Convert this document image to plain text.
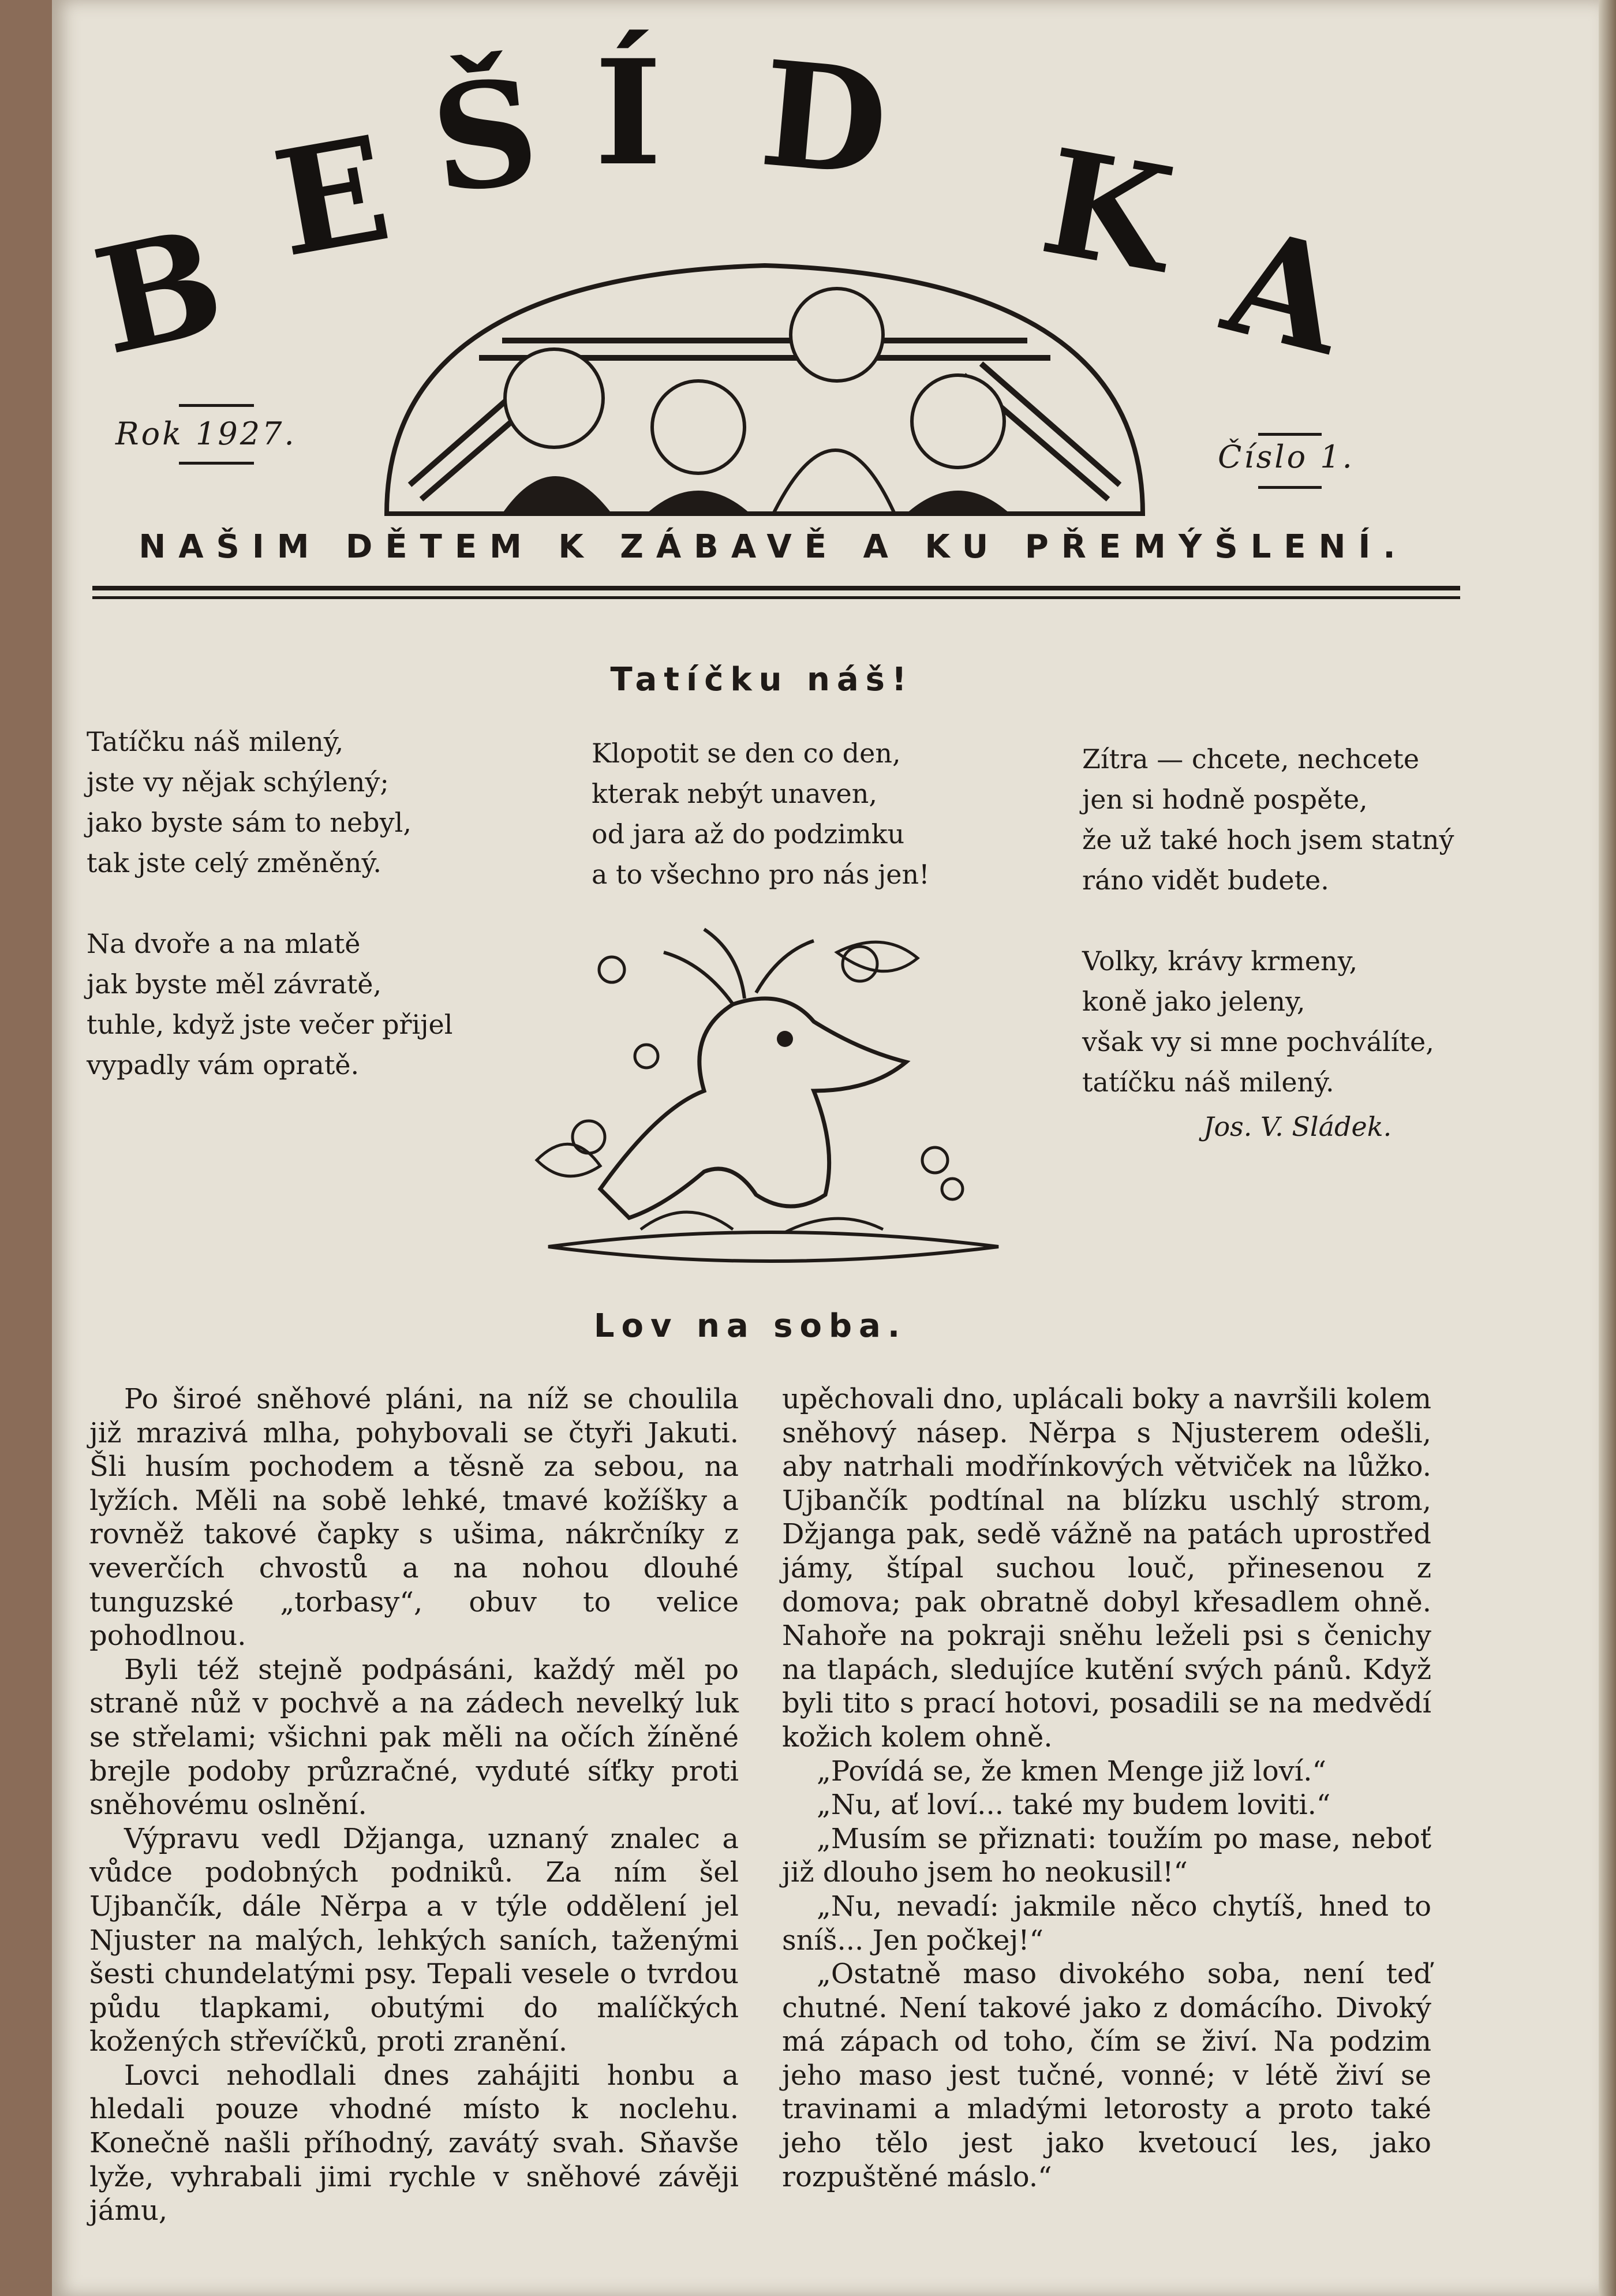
B E Š Í D K A
Rok 1927.
Číslo 1.
NAŠIM DĚTEM K ZÁBAVĚ A KU PŘEMÝŠLENÍ.
Tatíčku náš!
Tatíčku náš milený,
jste vy nějak schýlený;
jako byste sám to nebyl,
tak jste celý změněný.
Na dvoře a na mlatě
jak byste měl závratě,
tuhle, když jste večer přijel
vypadly vám opratě.
Klopotit se den co den,
kterak nebýt unaven,
od jara až do podzimku
a to všechno pro nás jen!
Zítra — chcete, nechcete
jen si hodně pospěte,
že už také hoch jsem statný
ráno vidět budete.
Volky, krávy krmeny,
koně jako jeleny,
však vy si mne pochválíte,
tatíčku náš milený.
Jos. V. Sládek.
Lov na soba.

Po široé sněhové pláni, na níž se choulila již mrazivá mlha, pohybovali se čtyři Jakuti. Šli husím pochodem a těsně za sebou, na lyžích. Měli na sobě lehké, tmavé kožíšky a rovněž takové čapky s ušima, nákrčníky z veverčích chvostů a na nohou dlouhé tunguzské „torbasy“, obuv to velice pohodlnou.

Byli též stejně podpásáni, každý měl po straně nůž v pochvě a na zádech nevelký luk se střelami; všichni pak měli na očích žíněné brejle podoby průzračné, vyduté síťky proti sněhovému oslnění.

Výpravu vedl Džjanga, uznaný znalec a vůdce podobných podniků. Za ním šel Ujbančík, dále Něrpa a v týle oddělení jel Njuster na malých, lehkých saních, taženými šesti chundelatými psy. Tepali vesele o tvrdou půdu tlapkami, obutými do malíčkých kožených střevíčků, proti zranění.

Lovci nehodlali dnes zahájiti honbu a hledali pouze vhodné místo k noclehu. Konečně našli příhodný, zavátý svah. Sňavše lyže, vyhrabali jimi rychle v sněhové závěji jámu,

upěchovali dno, uplácali boky a navršili kolem sněhový násep. Něrpa s Njusterem odešli, aby natrhali modřínkových větviček na lůžko. Ujbančík podtínal na blízku uschlý strom, Džjanga pak, sedě vážně na patách uprostřed jámy, štípal suchou louč, přinesenou z domova; pak obratně dobyl křesadlem ohně. Nahoře na pokraji sněhu leželi psi s čenichy na tlapách, sledujíce kutění svých pánů. Když byli tito s prací hotovi, posadili se na medvědí kožich kolem ohně.

„Povídá se, že kmen Menge již loví.“

„Nu, ať loví... také my budem loviti.“

„Musím se přiznati: toužím po mase, neboť již dlouho jsem ho neokusil!“

„Nu, nevadí: jakmile něco chytíš, hned to sníš... Jen počkej!“

„Ostatně maso divokého soba, není teď chutné. Není takové jako z domácího. Divoký má zápach od toho, čím se živí. Na podzim jeho maso jest tučné, vonné; v létě živí se travinami a mladými letorosty a proto také jeho tělo jest jako kvetoucí les, jako rozpuštěné máslo.“
